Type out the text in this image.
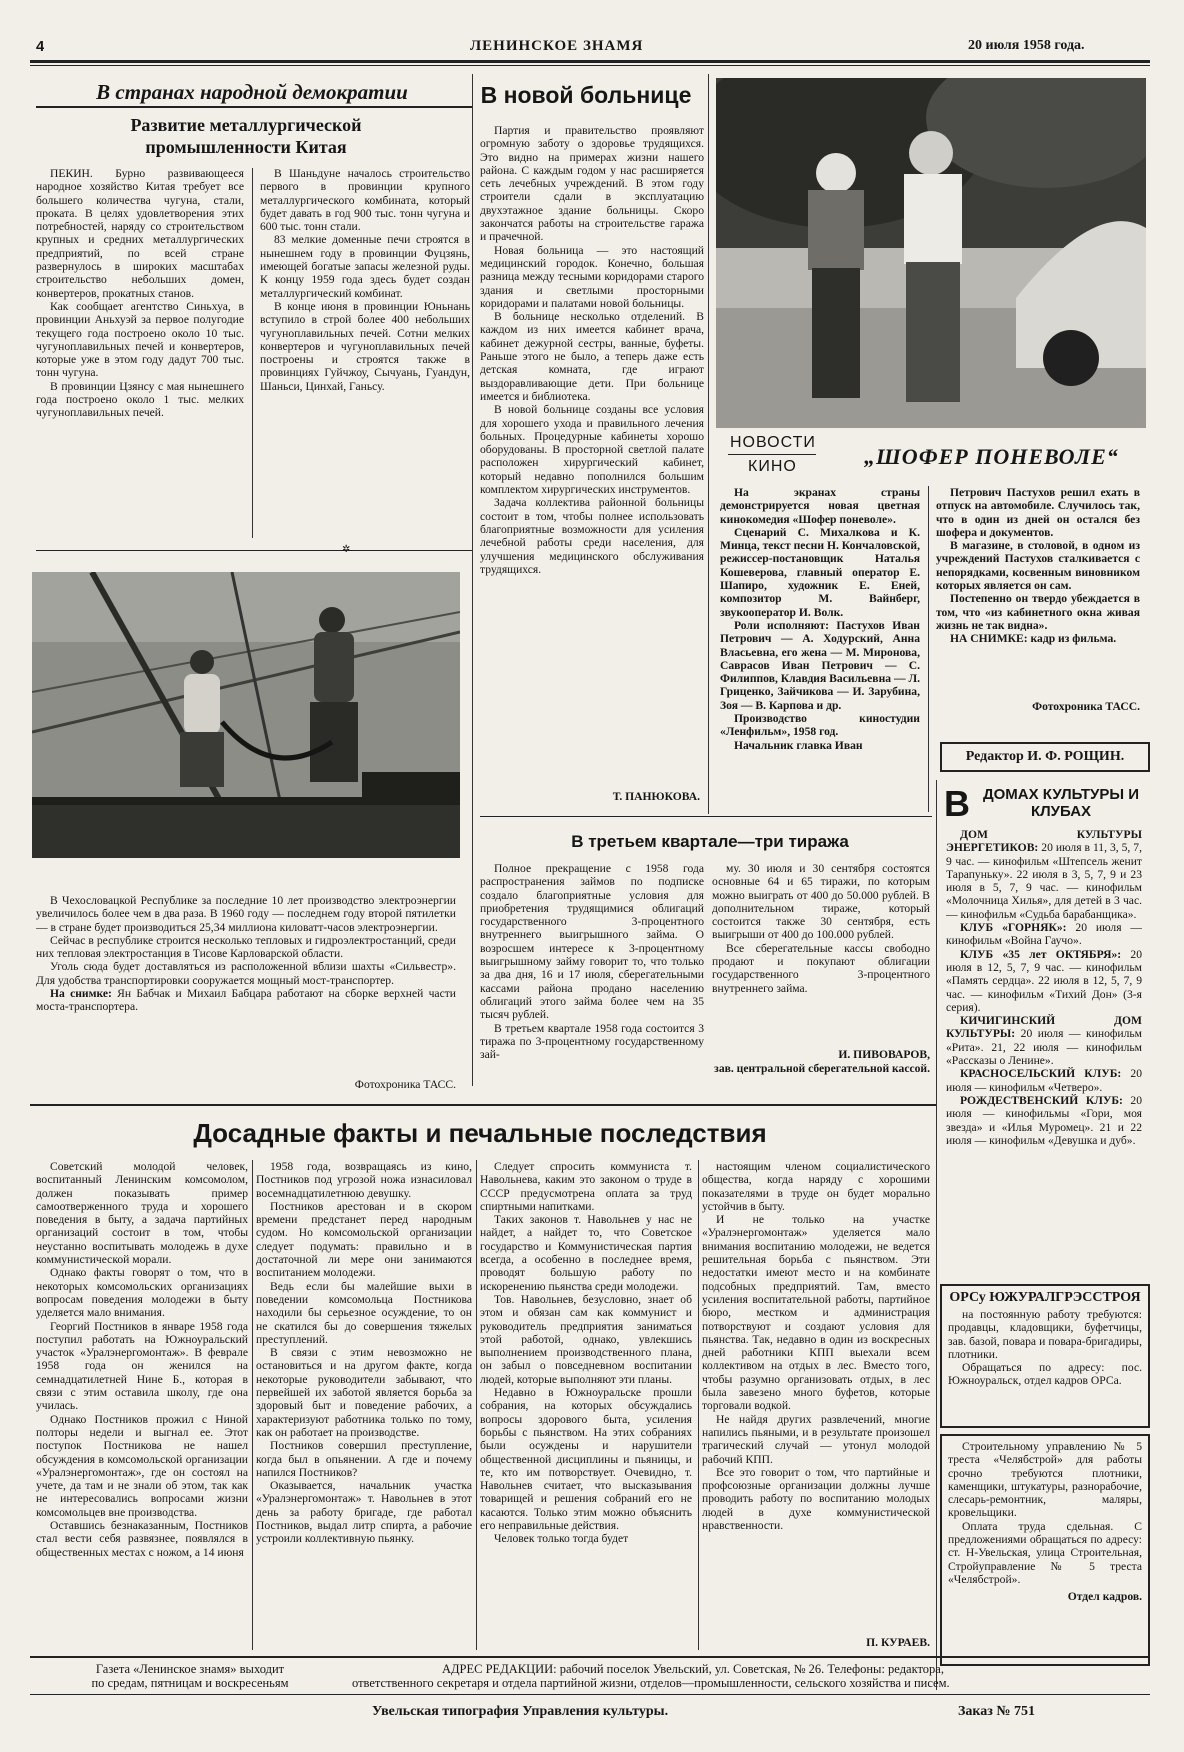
4	ЛЕНИНСКОЕ ЗНАМЯ	20 июля 1958 года.
В странах народной демократии
Развитие металлургической промышленности Китая

ПЕКИН. Бурно развивающееся народное хозяйство Китая требует все большего количества чугуна, стали, проката. В целях удовлетворения этих потребностей, наряду со строительством крупных и средних металлургических предприятий, по всей стране развернулось в широких масштабах строительство небольших домен, конвертеров, прокатных станов.

Как сообщает агентство Синьхуа, в провинции Аньхуэй за первое полугодие текущего года построено около 10 тыс. чугуноплавильных печей и конвертеров, которые уже в этом году дадут 700 тыс. тонн чугуна.

В провинции Цзянсу с мая нынешнего года построено около 1 тыс. мелких чугуноплавильных печей.

В Шаньдуне началось строительство первого в провинции крупного металлургического комбината, который будет давать в год 900 тыс. тонн чугуна и 600 тыс. тонн стали.

83 мелкие доменные печи строятся в нынешнем году в провинции Фуцзянь, имеющей богатые запасы железной руды. К концу 1959 года здесь будет создан металлургический комбинат.

В конце июня в провинции Юньнань вступило в строй более 400 небольших чугуноплавильных печей. Сотни мелких конвертеров и чугуноплавильных печей построены и строятся также в провинциях Гуйчжоу, Сычуань, Гуандун, Шаньси, Цинхай, Ганьсу.

✲

В Чехословацкой Республике за последние 10 лет производство электроэнергии увеличилось более чем в два раза. В 1960 году — последнем году второй пятилетки — в стране будет производиться 25,34 миллиона киловатт-часов электроэнергии.

Сейчас в республике строится несколько тепловых и гидроэлектростанций, среди них тепловая электростанция в Тисове Карловарской области.

Уголь сюда будет доставляться из расположенной вблизи шахты «Сильвестр». Для удобства транспортировки сооружается мощный мост-транспортер.

На снимке: Ян Бабчак и Михаил Бабцара работают на сборке верхней части моста-транспортера.

Фотохроника ТАСС.
В новой больнице

Партия и правительство проявляют огромную заботу о здоровье трудящихся. Это видно на примерах жизни нашего района. С каждым годом у нас расширяется сеть лечебных учреждений. В этом году строители сдали в эксплуатацию двухэтажное здание больницы. Скоро закончатся работы на строительстве гаража и прачечной.

Новая больница — это настоящий медицинский городок. Конечно, большая разница между тесными коридорами старого здания и светлыми просторными коридорами и палатами новой больницы.

В больнице несколько отделений. В каждом из них имеется кабинет врача, кабинет дежурной сестры, ванные, буфеты. Раньше этого не было, а теперь даже есть детская комната, где играют выздоравливающие дети. При больнице имеется и библиотека.

В новой больнице созданы все условия для хорошего ухода и правильного лечения больных. Процедурные кабинеты хорошо оборудованы. В просторной светлой палате расположен хирургический кабинет, который недавно пополнился большим комплектом хирургических инструментов.

Задача коллектива районной больницы состоит в том, чтобы полнее использовать благоприятные возможности для усиления лечебной работы среди населения, для улучшения медицинского обслуживания трудящихся.

Т. ПАНЮКОВА.
НОВОСТИ
КИНО	„ШОФЕР ПОНЕВОЛЕ“

На экранах страны демонстрируется новая цветная кинокомедия «Шофер поневоле».

Сценарий С. Михалкова и К. Минца, текст песни Н. Кончаловской, режиссер-постановщик Наталья Кошеверова, главный оператор Е. Шапиро, художник Е. Еней, композитор М. Вайнберг, звукооператор И. Волк.

Роли исполняют: Пастухов Иван Петрович — А. Ходурский, Анна Власьевна, его жена — М. Миронова, Савраcов Иван Петрович — С. Филиппов, Клавдия Васильевна — Л. Гриценко, Зайчикова — И. Зарубина, Зоя — В. Карпова и др.

Производство киностудии «Ленфильм», 1958 год.

Начальник главка Иван

Петрович Пастухов решил ехать в отпуск на автомобиле. Случилось так, что в один из дней он остался без шофера и документов.

В магазине, в столовой, в одном из учреждений Пастухов сталкивается с непорядками, косвенным виновником которых является он сам.

Постепенно он твердо убеждается в том, что «из кабинетного окна живая жизнь не так видна».

НА СНИМКЕ: кадр из фильма.

Фотохроника ТАСС.
Редактор И. Ф. РОЩИН.
В третьем квартале—три тиража

Полное прекращение с 1958 года распространения займов по подписке создало благоприятные условия для приобретения трудящимися облигаций государственного 3-процентного внутреннего выигрышного займа. О возросшем интересе к 3-процентному выигрышному займу говорит то, что только за два дня, 16 и 17 июля, сберегательными кассами района продано населению облигаций этого займа более чем на 35 тысяч рублей.

В третьем квартале 1958 года состоится 3 тиража по 3-процентному государственному зай-

му. 30 июля и 30 сентября состоятся основные 64 и 65 тиражи, по которым можно выиграть от 400 до 50.000 рублей. В дополнительном тираже, который состоится также 30 сентября, есть выигрыши от 400 до 100.000 рублей.

Все сберегательные кассы свободно продают и покупают облигации государственного 3-процентного внутреннего займа.

И. ПИВОВАРОВ,
зав. центральной сберегательной кассой.
В ДОМАХ КУЛЬТУРЫ И КЛУБАХ

ДОМ КУЛЬТУРЫ ЭНЕРГЕТИКОВ: 20 июля в 11, 3, 5, 7, 9 час. — кинофильм «Штепсель женит Тарапуньку». 22 июля в 3, 5, 7, 9 и 23 июля в 5, 7, 9 час. — кинофильм «Молочница Хилья», для детей в 3 час. — кинофильм «Судьба барабанщика».

КЛУБ «ГОРНЯК»: 20 июля — кинофильм «Война Гаучо».

КЛУБ «35 лет ОКТЯБРЯ»: 20 июля в 12, 5, 7, 9 час. — кинофильм «Память сердца». 22 июля в 12, 5, 7, 9 час. — кинофильм «Тихий Дон» (3-я серия).

КИЧИГИНСКИЙ ДОМ КУЛЬТУРЫ: 20 июля — кинофильм «Рита». 21, 22 июля — кинофильм «Рассказы о Ленине».

КРАСНОСЕЛЬСКИЙ КЛУБ: 20 июля — кинофильм «Четверо».

РОЖДЕСТВЕНСКИЙ КЛУБ: 20 июля — кинофильмы «Гори, моя звезда» и «Илья Муромец». 21 и 22 июля — кинофильм «Девушка и дуб».

ОРСу ЮЖУРАЛГРЭССТРОЯ

на постоянную работу требуются: продавцы, кладовщики, буфетчицы, зав. базой, повара и повара-бригадиры, плотники.

Обращаться по адресу: пос. Южноуральск, отдел кадров ОРСа.

Строительному управлению № 5 треста «Челябстрой» для работы срочно требуются плотники, каменщики, штукатуры, разнорабочие, слесарь-ремонтник, маляры, кровельщики.

Оплата труда сдельная. С предложениями обращаться по адресу: ст. Н-Увельская, улица Строительная, Стройуправление № 5 треста «Челябстрой».

Отдел кадров.
Досадные факты и печальные последствия

Советский молодой человек, воспитанный Ленинским комсомолом, должен показывать пример самоотверженного труда и хорошего поведения в быту, а задача партийных организаций состоит в том, чтобы неустанно воспитывать молодежь в духе коммунистической морали.

Однако факты говорят о том, что в некоторых комсомольских организациях вопросам поведения молодежи в быту уделяется мало внимания.

Георгий Постников в январе 1958 года поступил работать на Южноуральский участок «Уралэнергомонтаж». В феврале 1958 года он женился на семнадцатилетней Нине Б., которая в связи с этим оставила школу, где она училась.

Однако Постников прожил с Ниной полторы недели и выгнал ее. Этот поступок Постникова не нашел обсуждения в комсомольской организации «Уралэнергомонтаж», где он состоял на учете, да там и не знали об этом, так как не интересовались вопросами жизни комсомольцев вне производства.

Оставшись безнаказанным, Постников стал вести себя развязнее, появлялся в общественных местах с ножом, а 14 июня

1958 года, возвращаясь из кино, Постников под угрозой ножа изнасиловал восемнадцатилетнюю девушку.

Постников арестован и в скором времени предстанет перед народным судом. Но комсомольской организации следует подумать: правильно и в достаточной ли мере они занимаются воспитанием молодежи.

Ведь если бы малейшие выхи в поведении комсомольца Постникова находили бы серьезное осуждение, то он не скатился бы до совершения тяжелых преступлений.

В связи с этим невозможно не остановиться и на другом факте, когда некоторые руководители забывают, что первейшей их заботой является борьба за здоровый быт и поведение рабочих, а характеризуют работника только по тому, как он работает на производстве.

Постников совершил преступление, когда был в опьянении. А где и почему напился Постников?

Оказывается, начальник участка «Уралэнергомонтаж» т. Навольнев в этот день за работу бригаде, где работал Постников, выдал литр спирта, а рабочие устроили коллективную пьянку.

Следует спросить коммуниста т. Навольнева, каким это законом о труде в СССР предусмотрена оплата за труд спиртными напитками.

Таких законов т. Навольнев у нас не найдет, а найдет то, что Советское государство и Коммунистическая партия всегда, а особенно в последнее время, проводят большую работу по искоренению пьянства среди молодежи.

Тов. Навольнев, безусловно, знает об этом и обязан сам как коммунист и руководитель предприятия заниматься этой работой, однако, увлекшись выполнением производственного плана, он забыл о повседневном воспитании людей, которые выполняют эти планы.

Недавно в Южноуральске прошли собрания, на которых обсуждались вопросы здорового быта, усиления борьбы с пьянством. На этих собраниях были осуждены и нарушители общественной дисциплины и пьяницы, и те, кто им потворствует. Очевидно, т. Навольнев считает, что высказывания товарищей и решения собраний его не касаются. Только этим можно объяснить его неправильные действия.

Человек только тогда будет

настоящим членом социалистического общества, когда наряду с хорошими показателями в труде он будет морально устойчив в быту.

И не только на участке «Уралэнергомонтаж» уделяется мало внимания воспитанию молодежи, не ведется решительная борьба с пьянством. Эти недостатки имеют место и на комбинате подсобных предприятий. Там, вместо усиления воспитательной работы, партийное бюро, местком и администрация потворствуют и создают условия для пьянства. Так, недавно в один из воскресных дней работники КПП выехали всем коллективом на отдых в лес. Вместо того, чтобы разумно организовать отдых, в лес была завезено много буфетов, которые торговали водкой.

Не найдя других развлечений, многие напились пьяными, и в результате произошел трагический случай — утонул молодой рабочий КПП.

Все это говорит о том, что партийные и профсоюзные организации должны лучше проводить работу по воспитанию молодых людей в духе коммунистической нравственности.

П. КУРАЕВ.
Газета «Ленинское знамя» выходит
по средам, пятницам и воскресеньям
АДРЕС РЕДАКЦИИ: рабочий поселок Увельский, ул. Советская, № 26. Телефоны: редактора,
ответственного секретаря и отдела партийной жизни, отделов—промышленности, сельского хозяйства и писем.
Увельская типография Управления культуры.	Заказ № 751
